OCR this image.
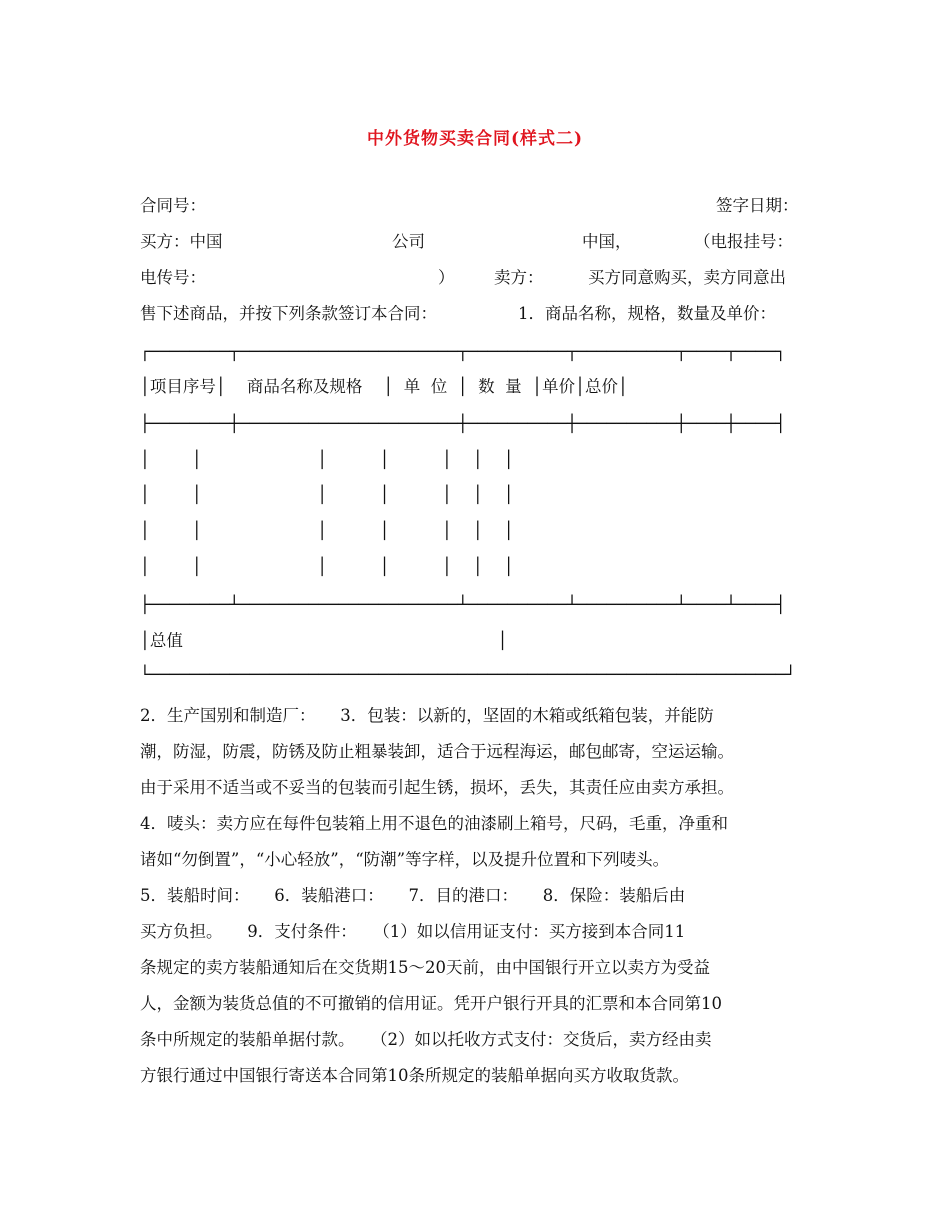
中外货物买卖合同(样式二)
合同号：	签字日期：
买方：中国	公司	中国，	（电报挂号：
电传号：	） 卖方：	买方同意购买，卖方同意出
售下述商品，并按下列条款签订本合同：	1．商品名称，规格，数量及单价：
┌────────┬──────────────────────┬──────────┬──────────┬────┬────┐
│项目序号│    商品名称及规格    │  单  位  │  数  量  │单价│总价│
├────────┼──────────────────────┼──────────┼──────────┼────┼────┤
│        │                      │          │          │    │    │
│        │                      │          │          │    │    │
│        │                      │          │          │    │    │
│        │                      │          │          │    │    │
├────────┴──────────────────────┴──────────┴──────────┴────┴────┤
│总值                                                            │
└────────────────────────────────────────────────────────────────┘
2．生产国别和制造厂：　　3．包装：以新的，坚固的木箱或纸箱包装，并能防
潮，防湿，防震，防锈及防止粗暴装卸，适合于远程海运，邮包邮寄，空运运输。
由于采用不适当或不妥当的包装而引起生锈，损坏，丢失，其责任应由卖方承担。
4．唛头：卖方应在每件包装箱上用不退色的油漆刷上箱号，尺码，毛重，净重和
诸如“勿倒置”，“小心轻放”，“防潮”等字样，以及提升位置和下列唛头。
5．装船时间：　　6．装船港口：　　7．目的港口：　　8．保险：装船后由
买方负担。　　9．支付条件：　　（1）如以信用证支付：买方接到本合同11
条规定的卖方装船通知后在交货期15～20天前，由中国银行开立以卖方为受益
人，金额为装货总值的不可撤销的信用证。凭开户银行开具的汇票和本合同第10
条中所规定的装船单据付款。　　（2）如以托收方式支付：交货后，卖方经由卖
方银行通过中国银行寄送本合同第10条所规定的装船单据向买方收取货款。
